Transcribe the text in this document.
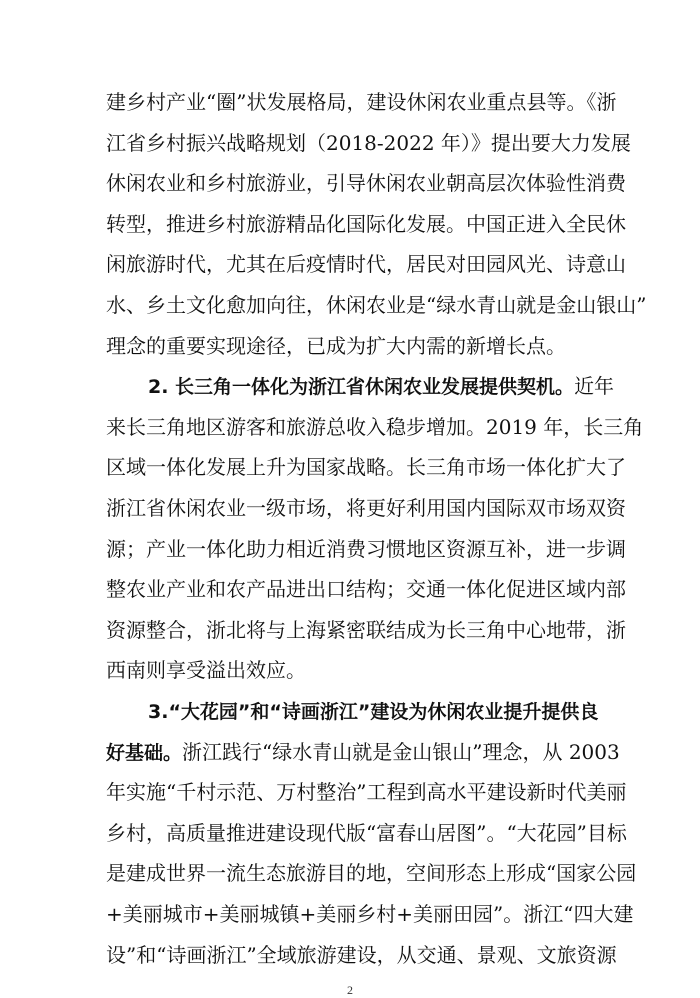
建乡村产业“圈”状发展格局，建设休闲农业重点县等。《浙
江省乡村振兴战略规划（2018-2022 年）》提出要大力发展
休闲农业和乡村旅游业，引导休闲农业朝高层次体验性消费
转型，推进乡村旅游精品化国际化发展。中国正进入全民休
闲旅游时代，尤其在后疫情时代，居民对田园风光、诗意山
水、乡土文化愈加向往，休闲农业是“绿水青山就是金山银山”
理念的重要实现途径，已成为扩大内需的新增长点。
2. 长三角一体化为浙江省休闲农业发展提供契机。近年
来长三角地区游客和旅游总收入稳步增加。2019 年，长三角
区域一体化发展上升为国家战略。长三角市场一体化扩大了
浙江省休闲农业一级市场，将更好利用国内国际双市场双资
源；产业一体化助力相近消费习惯地区资源互补，进一步调
整农业产业和农产品进出口结构；交通一体化促进区域内部
资源整合，浙北将与上海紧密联结成为长三角中心地带，浙
西南则享受溢出效应。
3.“大花园”和“诗画浙江”建设为休闲农业提升提供良
好基础。浙江践行“绿水青山就是金山银山”理念，从 2003
年实施“千村示范、万村整治”工程到高水平建设新时代美丽
乡村，高质量推进建设现代版“富春山居图”。“大花园”目标
是建成世界一流生态旅游目的地，空间形态上形成“国家公园
+美丽城市+美丽城镇+美丽乡村+美丽田园”。浙江“四大建
设”和“诗画浙江”全域旅游建设，从交通、景观、文旅资源
2
